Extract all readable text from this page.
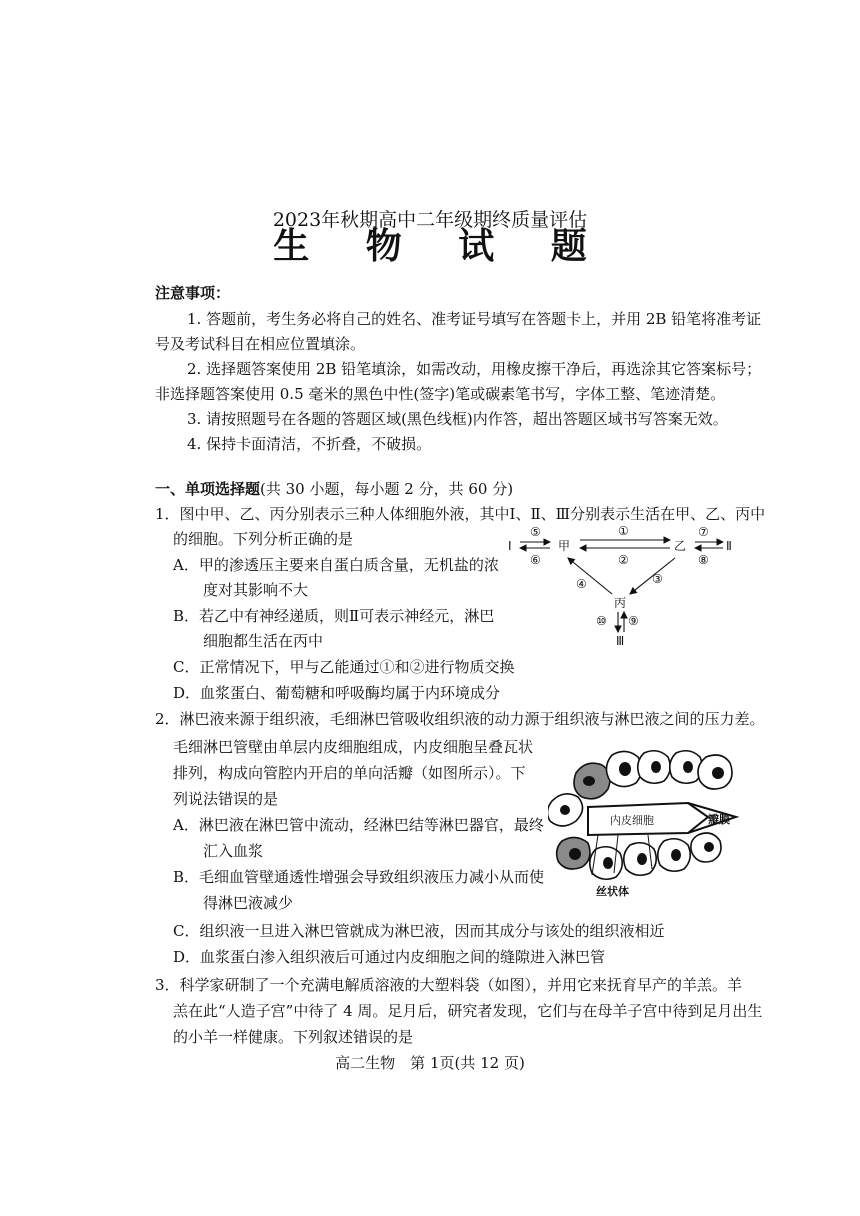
2023年秋期高中二年级期终质量评估
生 物 试 题
注意事项：
1. 答题前，考生务必将自己的姓名、准考证号填写在答题卡上，并用 2B 铅笔将准考证
号及考试科目在相应位置填涂。
2. 选择题答案使用 2B 铅笔填涂，如需改动，用橡皮擦干净后，再选涂其它答案标号；
非选择题答案使用 0.5 毫米的黑色中性(签字)笔或碳素笔书写，字体工整、笔迹清楚。
3. 请按照题号在各题的答题区域(黑色线框)内作答，超出答题区域书写答案无效。
4. 保持卡面清洁，不折叠，不破损。
一、单项选择题(共 30 小题，每小题 2 分，共 60 分)
1．图中甲、乙、丙分别表示三种人体细胞外液，其中Ⅰ、Ⅱ、Ⅲ分别表示生活在甲、乙、丙中
的细胞。下列分析正确的是
A．甲的渗透压主要来自蛋白质含量，无机盐的浓
度对其影响不大
B．若乙中有神经递质，则Ⅱ可表示神经元，淋巴
细胞都生活在丙中
C．正常情况下，甲与乙能通过①和②进行物质交换
D．血浆蛋白、葡萄糖和呼吸酶均属于内环境成分
Ⅰ	甲	乙	Ⅱ
丙
Ⅲ
⑤
⑥
①
②
⑦
⑧
④	③
⑩ ⑨
2．淋巴液来源于组织液，毛细淋巴管吸收组织液的动力源于组织液与淋巴液之间的压力差。
毛细淋巴管壁由单层内皮细胞组成，内皮细胞呈叠瓦状
排列，构成向管腔内开启的单向活瓣（如图所示）。下
列说法错误的是
A．淋巴液在淋巴管中流动，经淋巴结等淋巴器官，最终
汇入血浆
B．毛细血管壁通透性增强会导致组织液压力减小从而使
得淋巴液减少
C．组织液一旦进入淋巴管就成为淋巴液，因而其成分与该处的组织液相近
D．血浆蛋白渗入组织液后可通过内皮细胞之间的缝隙进入淋巴管
内皮细胞	瓣膜
丝状体
3．科学家研制了一个充满电解质溶液的大塑料袋（如图），并用它来抚育早产的羊羔。羊
羔在此“人造子宫”中待了 4 周。足月后，研究者发现，它们与在母羊子宫中待到足月出生
的小羊一样健康。下列叙述错误的是
高二生物　第 1页(共 12 页)
